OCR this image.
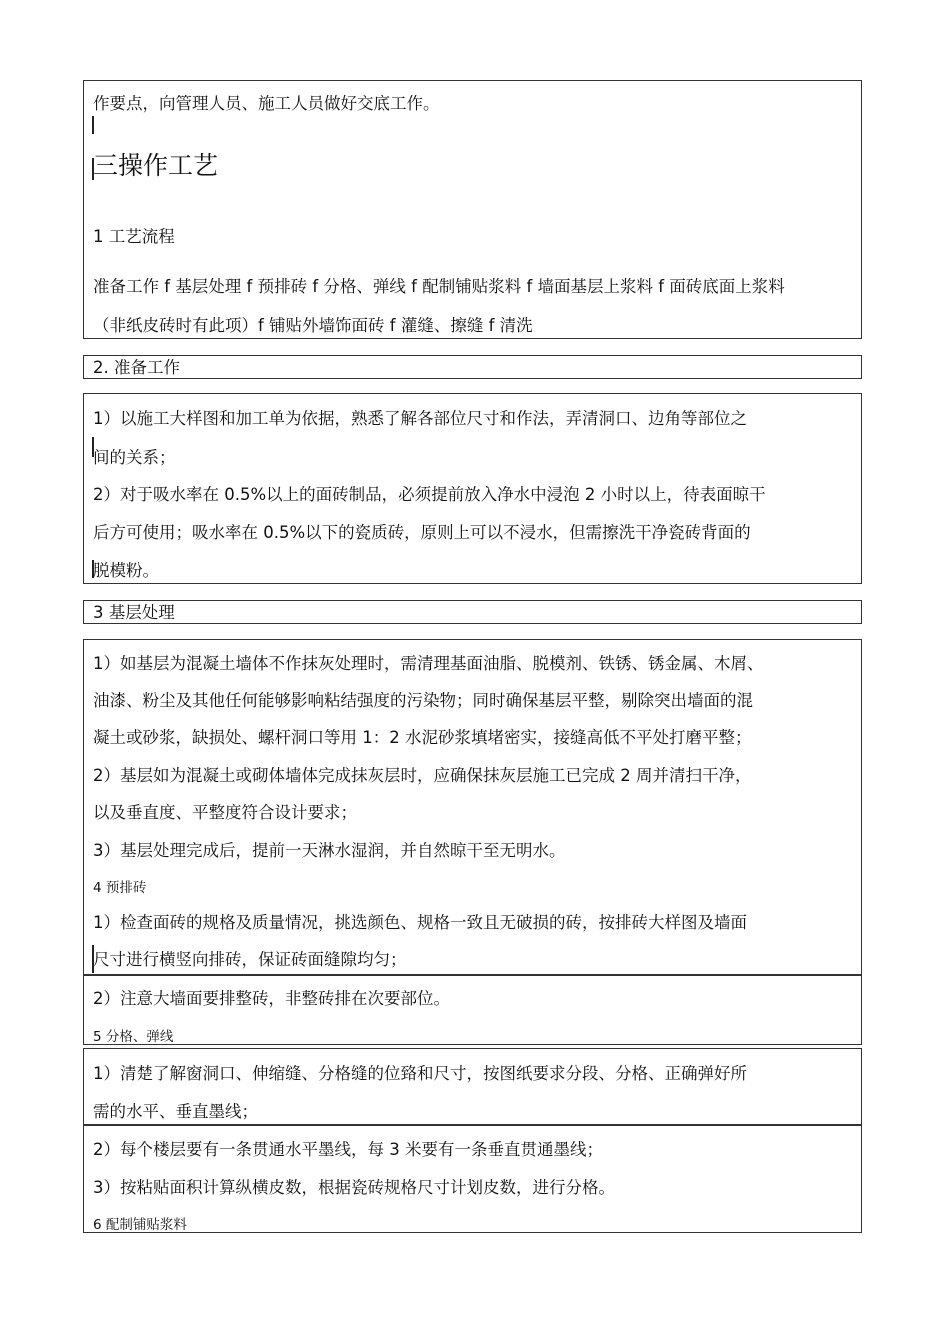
作要点，向管理人员、施工人员做好交底工作。
三操作工艺
1 工艺流程
准备工作 f 基层处理 f 预排砖 f 分格、弹线 f 配制铺贴浆料 f 墙面基层上浆料 f 面砖底面上浆料
（非纸皮砖时有此项）f 铺贴外墙饰面砖 f 灌缝、擦缝 f 清洗
2. 准备工作
1）以施工大样图和加工单为依据，熟悉了解各部位尺寸和作法，弄清洞口、边角等部位之
间的关系；
2）对于吸水率在 0.5%以上的面砖制品，必须提前放入净水中浸泡 2 小时以上，待表面晾干
后方可使用；吸水率在 0.5%以下的瓷质砖，原则上可以不浸水，但需擦洗干净瓷砖背面的
脱模粉。
3 基层处理
1）如基层为混凝土墙体不作抹灰处理时，需清理基面油脂、脱模剂、铁锈、锈金属、木屑、
油漆、粉尘及其他任何能够影响粘结强度的污染物；同时确保基层平整，剔除突出墙面的混
凝土或砂浆，缺损处、螺杆洞口等用 1：2 水泥砂浆填堵密实，接缝高低不平处打磨平整；
2）基层如为混凝土或砌体墙体完成抹灰层时，应确保抹灰层施工已完成 2 周并清扫干净，
以及垂直度、平整度符合设计要求；
3）基层处理完成后，提前一天淋水湿润，并自然晾干至无明水。
4 预排砖
1）检查面砖的规格及质量情况，挑选颜色、规格一致且无破损的砖，按排砖大样图及墙面
尺寸进行横竖向排砖，保证砖面缝隙均匀；
2）注意大墙面要排整砖，非整砖排在次要部位。
5 分格、弹线
1）清楚了解窗洞口、伸缩缝、分格缝的位臵和尺寸，按图纸要求分段、分格、正确弹好所
需的水平、垂直墨线；
2）每个楼层要有一条贯通水平墨线，每 3 米要有一条垂直贯通墨线；
3）按粘贴面积计算纵横皮数，根据瓷砖规格尺寸计划皮数，进行分格。
6 配制铺贴浆料
